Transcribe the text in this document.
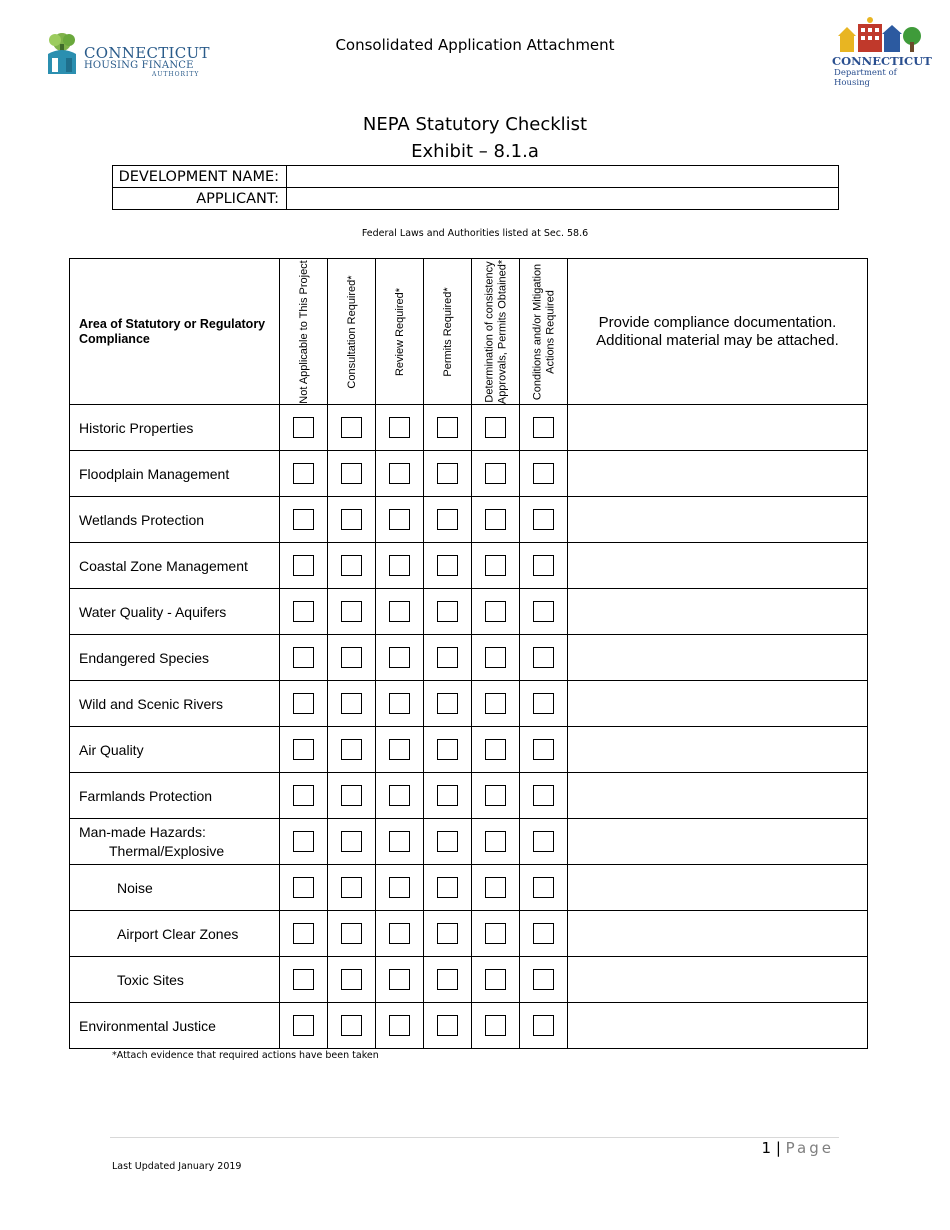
CONNECTICUT
HOUSING FINANCE
AUTHORITY
Consolidated Application Attachment
CONNECTICUT
Department of Housing
NEPA Statutory Checklist
Exhibit – 8.1.a
DEVELOPMENT NAME:	
APPLICANT:	
Federal Laws and Authorities listed at Sec. 58.6
Area of Statutory or Regulatory Compliance	Not Applicable to This Project	Consultation Required*	Review Required*	Permits Required*	Determination of consistency Approvals, Permits Obtained*	Conditions and/or Mitigation Actions Required	Provide compliance documentation. Additional material may be attached.
Historic Properties							
Floodplain Management							
Wetlands Protection							
Coastal Zone Management							
Water Quality - Aquifers							
Endangered Species							
Wild and Scenic Rivers							
Air Quality							
Farmlands Protection							
Man-made Hazards:
Thermal/Explosive							

Noise							
Airport Clear Zones							
Toxic Sites							
Environmental Justice							
*Attach evidence that required actions have been taken
1 | Page
Last Updated January 2019
